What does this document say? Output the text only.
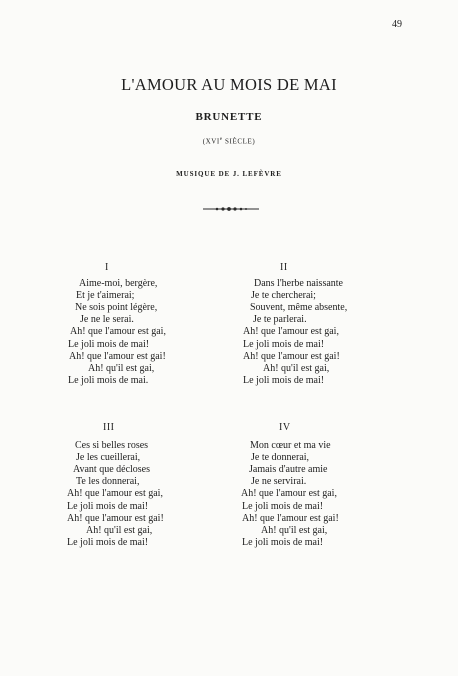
49
L'AMOUR AU MOIS DE MAI
BRUNETTE
(XVIe SIÈCLE)
MUSIQUE DE J. LEFÈVRE
I
Aime-moi, bergère,
Et je t'aimerai;
Ne sois point légère,
Je ne le serai.
Ah! que l'amour est gai,
Le joli mois de mai!
Ah! que l'amour est gai!
Ah! qu'il est gai,
Le joli mois de mai.
II
Dans l'herbe naissante
Je te chercherai;
Souvent, même absente,
Je te parlerai.
Ah! que l'amour est gai,
Le joli mois de mai!
Ah! que l'amour est gai!
Ah! qu'il est gai,
Le joli mois de mai!
III
Ces si belles roses
Je les cueillerai,
Avant que décloses
Te les donnerai,
Ah! que l'amour est gai,
Le joli mois de mai!
Ah! que l'amour est gai!
Ah! qu'il est gai,
Le joli mois de mai!
IV
Mon cœur et ma vie
Je te donnerai,
Jamais d'autre amie
Je ne servirai.
Ah! que l'amour est gai,
Le joli mois de mai!
Ah! que l'amour est gai!
Ah! qu'il est gai,
Le joli mois de mai!
